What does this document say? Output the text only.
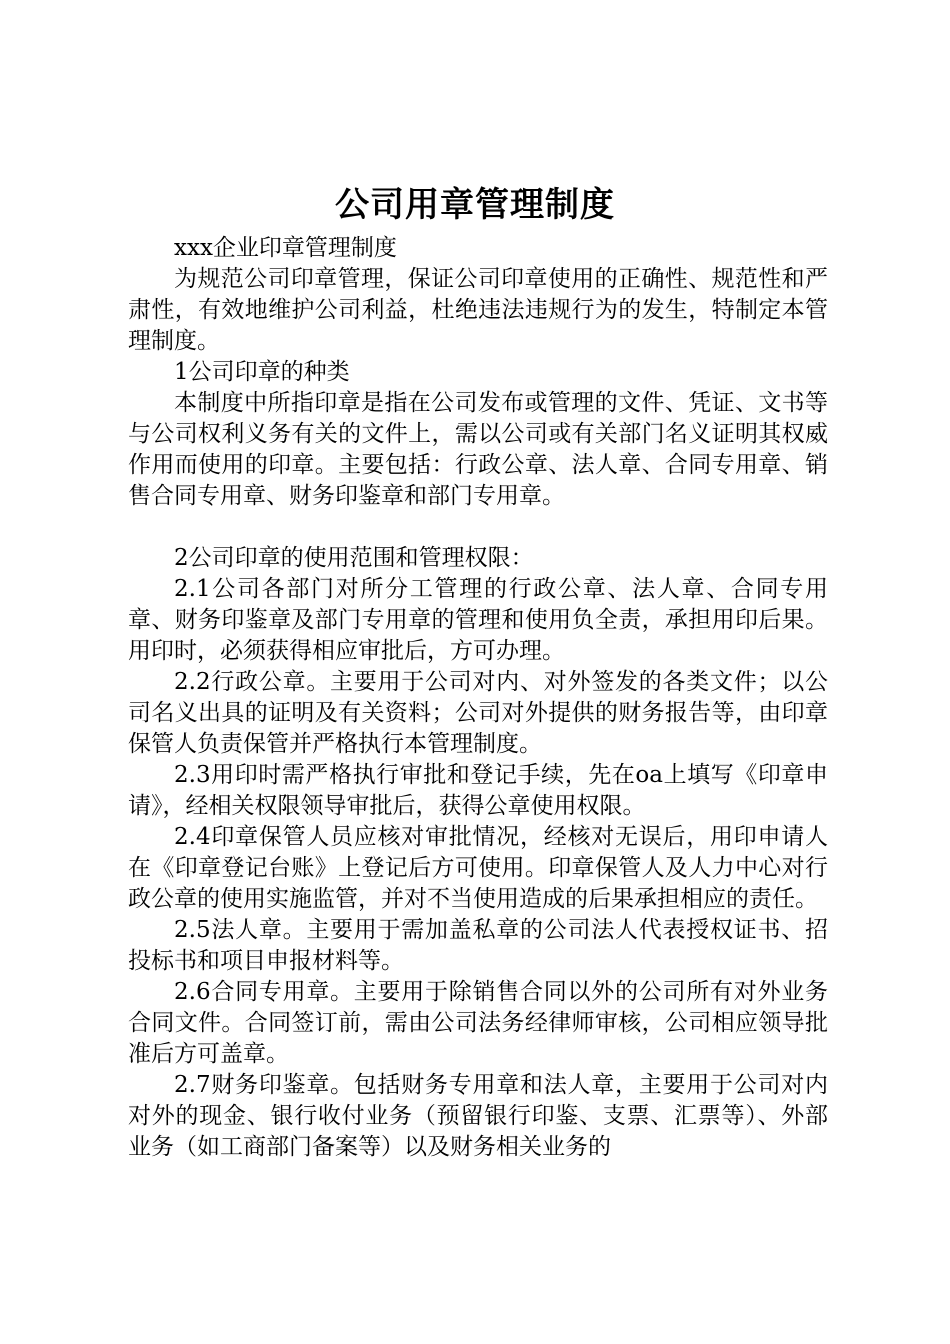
公司用章管理制度

xxx企业印章管理制度

为规范公司印章管理，保证公司印章使用的正确性、规范性和严肃性，有效地维护公司利益，杜绝违法违规行为的发生，特制定本管理制度。

1公司印章的种类

本制度中所指印章是指在公司发布或管理的文件、凭证、文书等与公司权利义务有关的文件上，需以公司或有关部门名义证明其权威作用而使用的印章。主要包括：行政公章、法人章、合同专用章、销售合同专用章、财务印鉴章和部门专用章。

2公司印章的使用范围和管理权限：

2.1公司各部门对所分工管理的行政公章、法人章、合同专用章、财务印鉴章及部门专用章的管理和使用负全责，承担用印后果。用印时，必须获得相应审批后，方可办理。

2.2行政公章。主要用于公司对内、对外签发的各类文件；以公司名义出具的证明及有关资料；公司对外提供的财务报告等，由印章保管人负责保管并严格执行本管理制度。

2.3用印时需严格执行审批和登记手续，先在oa上填写《印章申请》，经相关权限领导审批后，获得公章使用权限。

2.4印章保管人员应核对审批情况，经核对无误后，用印申请人在《印章登记台账》上登记后方可使用。印章保管人及人力中心对行政公章的使用实施监管，并对不当使用造成的后果承担相应的责任。

2.5法人章。主要用于需加盖私章的公司法人代表授权证书、招投标书和项目申报材料等。

2.6合同专用章。主要用于除销售合同以外的公司所有对外业务合同文件。合同签订前，需由公司法务经律师审核，公司相应领导批准后方可盖章。

2.7财务印鉴章。包括财务专用章和法人章，主要用于公司对内对外的现金、银行收付业务（预留银行印鉴、支票、汇票等）、外部业务（如工商部门备案等）以及财务相关业务的
